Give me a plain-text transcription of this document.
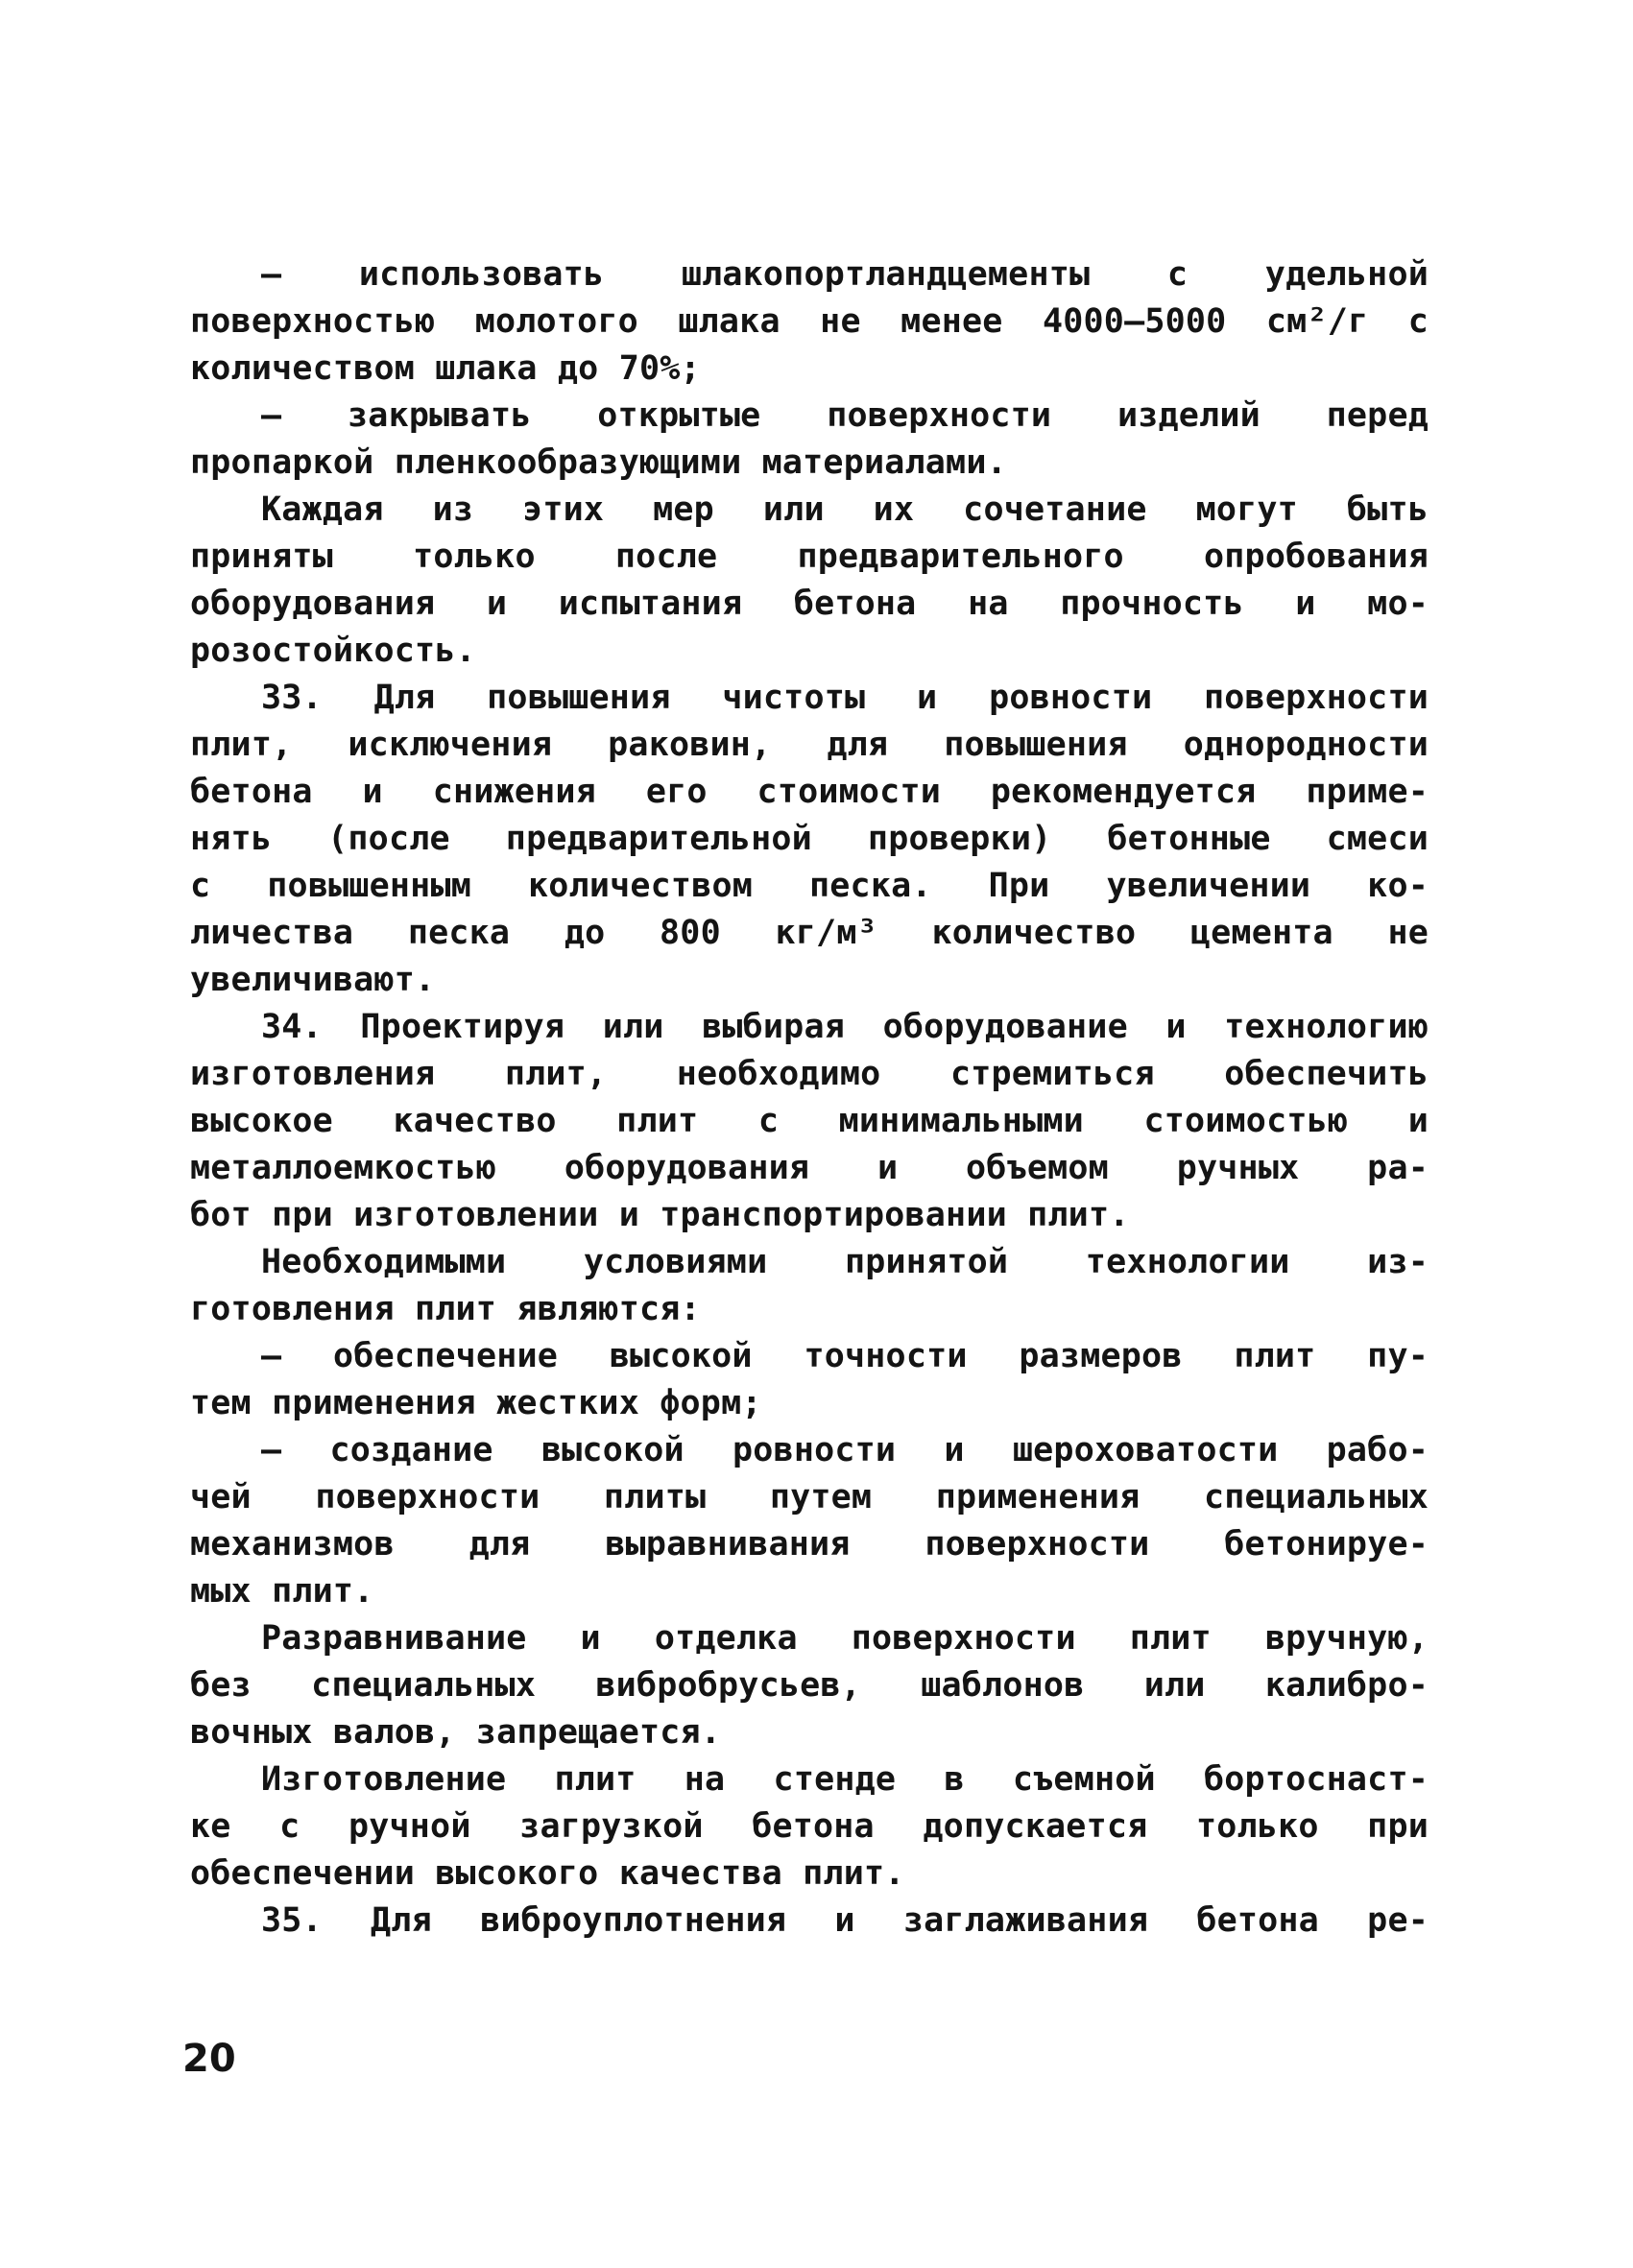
– использовать шлакопортландцементы с удельной
поверхностью молотого шлака не менее 4000–5000 см²/г с
количеством шлака до 70%;
– закрывать открытые поверхности изделий перед
пропаркой пленкообразующими материалами.
Каждая из этих мер или их сочетание могут быть
приняты только после предварительного опробования
оборудования и испытания бетона на прочность и мо-
розостойкость.
33. Для повышения чистоты и ровности поверхности
плит, исключения раковин, для повышения однородности
бетона и снижения его стоимости рекомендуется приме-
нять (после предварительной проверки) бетонные смеси
с повышенным количеством песка. При увеличении ко-
личества песка до 800 кг/м³ количество цемента не
увеличивают.
34. Проектируя или выбирая оборудование и технологию
изготовления плит, необходимо стремиться обеспечить
высокое качество плит с минимальными стоимостью и
металлоемкостью оборудования и объемом ручных ра-
бот при изготовлении и транспортировании плит.
Необходимыми условиями принятой технологии из-
готовления плит являются:
– обеспечение высокой точности размеров плит пу-
тем применения жестких форм;
– создание высокой ровности и шероховатости рабо-
чей поверхности плиты путем применения специальных
механизмов для выравнивания поверхности бетонируе-
мых плит.
Разравнивание и отделка поверхности плит вручную,
без специальных вибробрусьев, шаблонов или калибро-
вочных валов, запрещается.
Изготовление плит на стенде в съемной бортоснаст-
ке с ручной загрузкой бетона допускается только при
обеспечении высокого качества плит.
35. Для виброуплотнения и заглаживания бетона ре-
20
